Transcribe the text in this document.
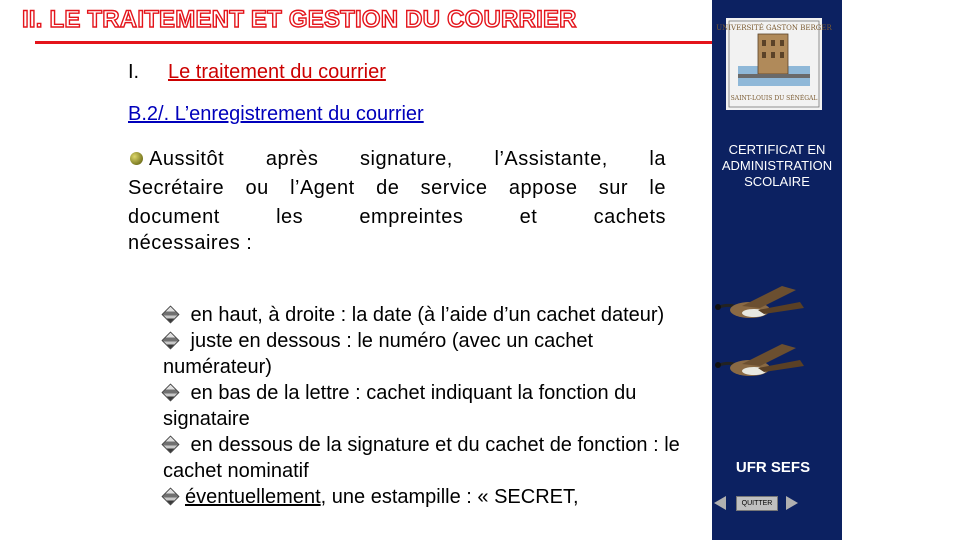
II. LE TRAITEMENT ET GESTION DU COURRIER
I. Le traitement du courrier
B.2/. L’enregistrement du courrier
Aussitôt après signature, l’Assistante, la
Secrétaire ou l’Agent de service appose sur le
document les empreintes et cachets
nécessaires :

en haut, à droite : la date (à l’aide d’un cachet dateur)

juste en dessous : le numéro (avec un cachet numérateur)

en bas de la lettre : cachet indiquant la fonction du signataire

en dessous de la signature et du cachet de fonction : le cachet nominatif

éventuellement, une estampille : « SECRET,

UNIVERSITÉ GASTON BERGER
SAINT-LOUIS DU SÉNÉGAL
CERTIFICAT EN
ADMINISTRATION
SCOLAIRE
UFR SEFS
QUITTER
